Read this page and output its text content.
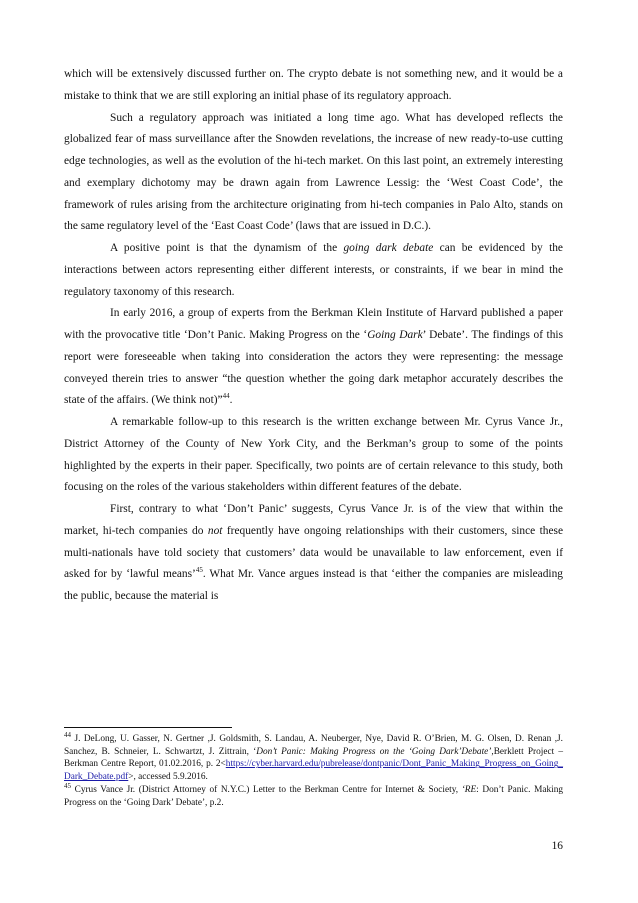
which will be extensively discussed further on. The crypto debate is not something new, and it would be a mistake to think that we are still exploring an initial phase of its regulatory approach.

Such a regulatory approach was initiated a long time ago. What has developed reflects the globalized fear of mass surveillance after the Snowden revelations, the increase of new ready-to-use cutting edge technologies, as well as the evolution of the hi-tech market. On this last point, an extremely interesting and exemplary dichotomy may be drawn again from Lawrence Lessig: the ‘West Coast Code’, the framework of rules arising from the architecture originating from hi-tech companies in Palo Alto, stands on the same regulatory level of the ‘East Coast Code’ (laws that are issued in D.C.).

A positive point is that the dynamism of the going dark debate can be evidenced by the interactions between actors representing either different interests, or constraints, if we bear in mind the regulatory taxonomy of this research.

In early 2016, a group of experts from the Berkman Klein Institute of Harvard published a paper with the provocative title ‘Don’t Panic. Making Progress on the ‘Going Dark’ Debate’. The findings of this report were foreseeable when taking into consideration the actors they were representing: the message conveyed therein tries to answer “the question whether the going dark metaphor accurately describes the state of the affairs. (We think not)”$^{44}$.

A remarkable follow-up to this research is the written exchange between Mr. Cyrus Vance Jr., District Attorney of the County of New York City, and the Berkman’s group to some of the points highlighted by the experts in their paper. Specifically, two points are of certain relevance to this study, both focusing on the roles of the various stakeholders within different features of the debate.

First, contrary to what ‘Don’t Panic’ suggests, Cyrus Vance Jr. is of the view that within the market, hi-tech companies do not frequently have ongoing relationships with their customers, since these multi-nationals have told society that customers’ data would be unavailable to law enforcement, even if asked for by ‘lawful means’$^{45}$. What Mr. Vance argues instead is that ‘either the companies are misleading the public, because the material is

$^{44}$ J. DeLong, U. Gasser, N. Gertner ,J. Goldsmith, S. Landau, A. Neuberger, Nye, David R. O’Brien, M. G. Olsen, D. Renan ,J. Sanchez, B. Schneier, L. Schwartzt, J. Zittrain, ‘Don’t Panic: Making Progress on the ‘Going Dark’Debate’,Berklett Project – Berkman Centre Report, 01.02.2016, p. 2<https://cyber.harvard.edu/pubrelease/dontpanic/Dont_Panic_Making_Progress_on_Going_Dark_Debate.pdf>, accessed 5.9.2016.

$^{45}$ Cyrus Vance Jr. (District Attorney of N.Y.C.) Letter to the Berkman Centre for Internet & Society, ‘RE: Don’t Panic. Making Progress on the ‘Going Dark’ Debate’, p.2.

16
